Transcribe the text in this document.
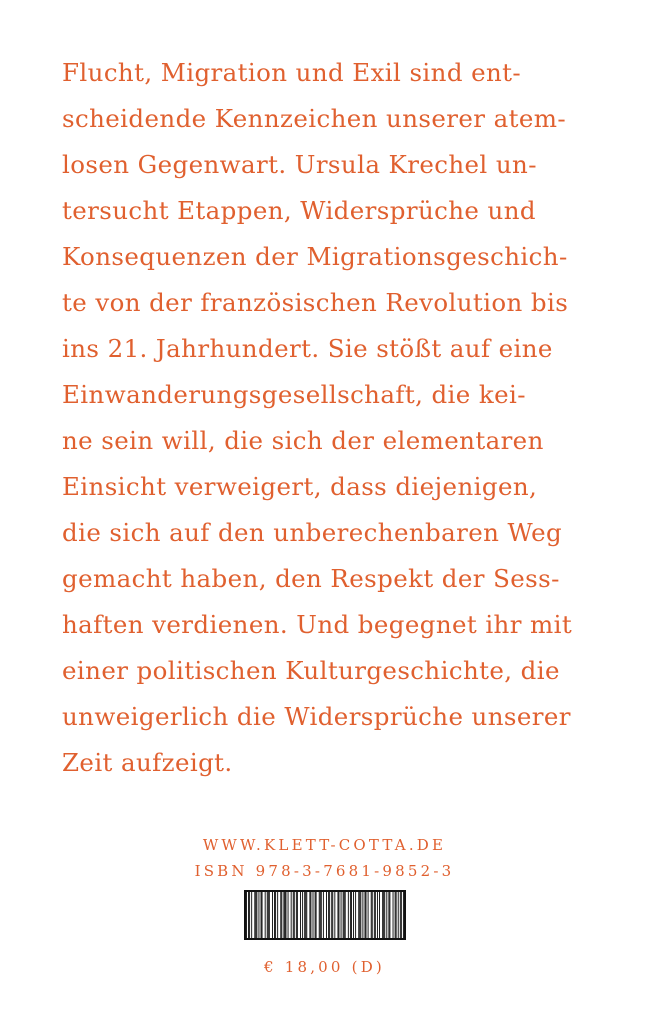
Flucht, Migration und Exil sind ent-
scheidende Kennzeichen unserer atem-
losen Gegenwart. Ursula Krechel un-
tersucht Etappen, Widersprüche und
Konsequenzen der Migrationsgeschich-
te von der französischen Revolution bis
ins 21. Jahrhundert. Sie stößt auf eine
Einwanderungsgesellschaft, die kei-
ne sein will, die sich der elementaren
Einsicht verweigert, dass diejenigen,
die sich auf den unberechenbaren Weg
gemacht haben, den Respekt der Sess-
haften verdienen. Und begegnet ihr mit
einer politischen Kulturgeschichte, die
unweigerlich die Widersprüche unserer
Zeit aufzeigt.
WWW.KLETT-COTTA.DE
ISBN 978-3-7681-9852-3
€ 18,00 (D)
